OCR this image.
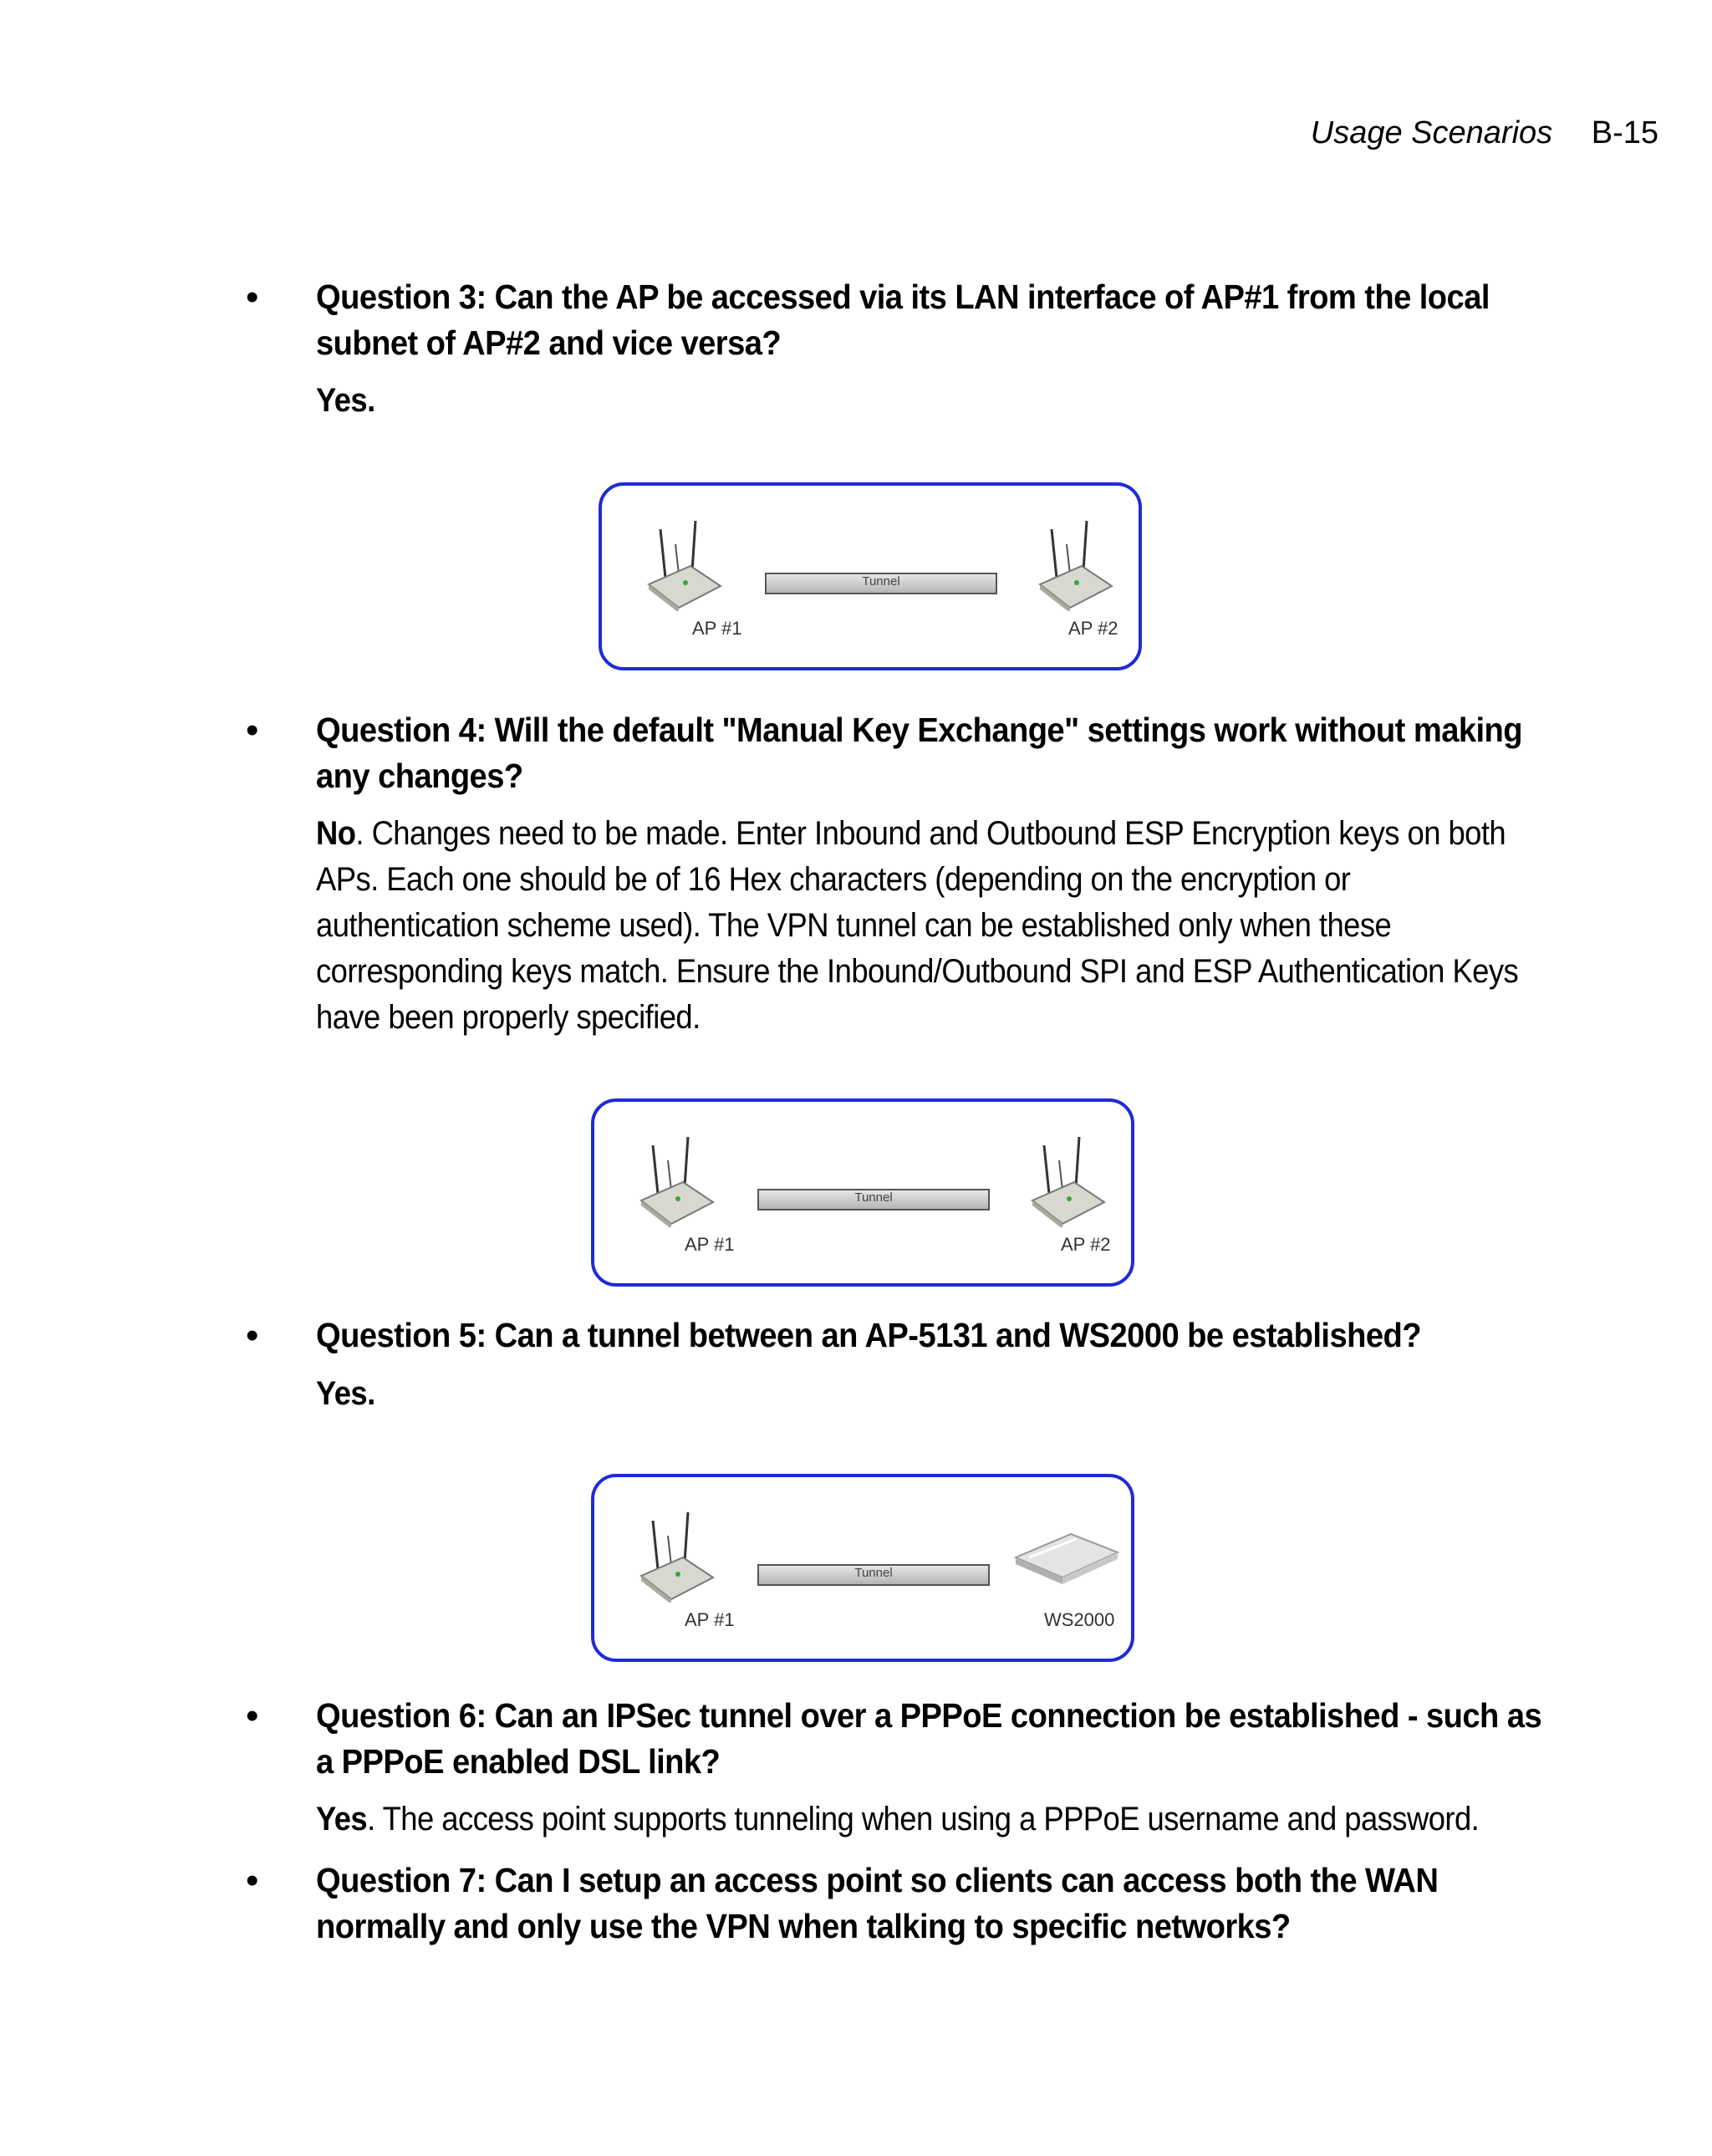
Usage Scenarios B-15
• Question 3: Can the AP be accessed via its LAN interface of AP#1 from the local subnet of AP#2 and vice versa?
Yes.
Tunnel
AP #1	AP #2
• Question 4: Will the default "Manual Key Exchange" settings work without making any changes?
No. Changes need to be made. Enter Inbound and Outbound ESP Encryption keys on both APs. Each one should be of 16 Hex characters (depending on the encryption or authentication scheme used). The VPN tunnel can be established only when these corresponding keys match. Ensure the Inbound/Outbound SPI and ESP Authentication Keys have been properly specified.
Tunnel
AP #1	AP #2
• Question 5: Can a tunnel between an AP-5131 and WS2000 be established?
Yes.
Tunnel
AP #1	WS2000
• Question 6: Can an IPSec tunnel over a PPPoE connection be established - such as a PPPoE enabled DSL link?
Yes. The access point supports tunneling when using a PPPoE username and password.
• Question 7: Can I setup an access point so clients can access both the WAN normally and only use the VPN when talking to specific networks?
